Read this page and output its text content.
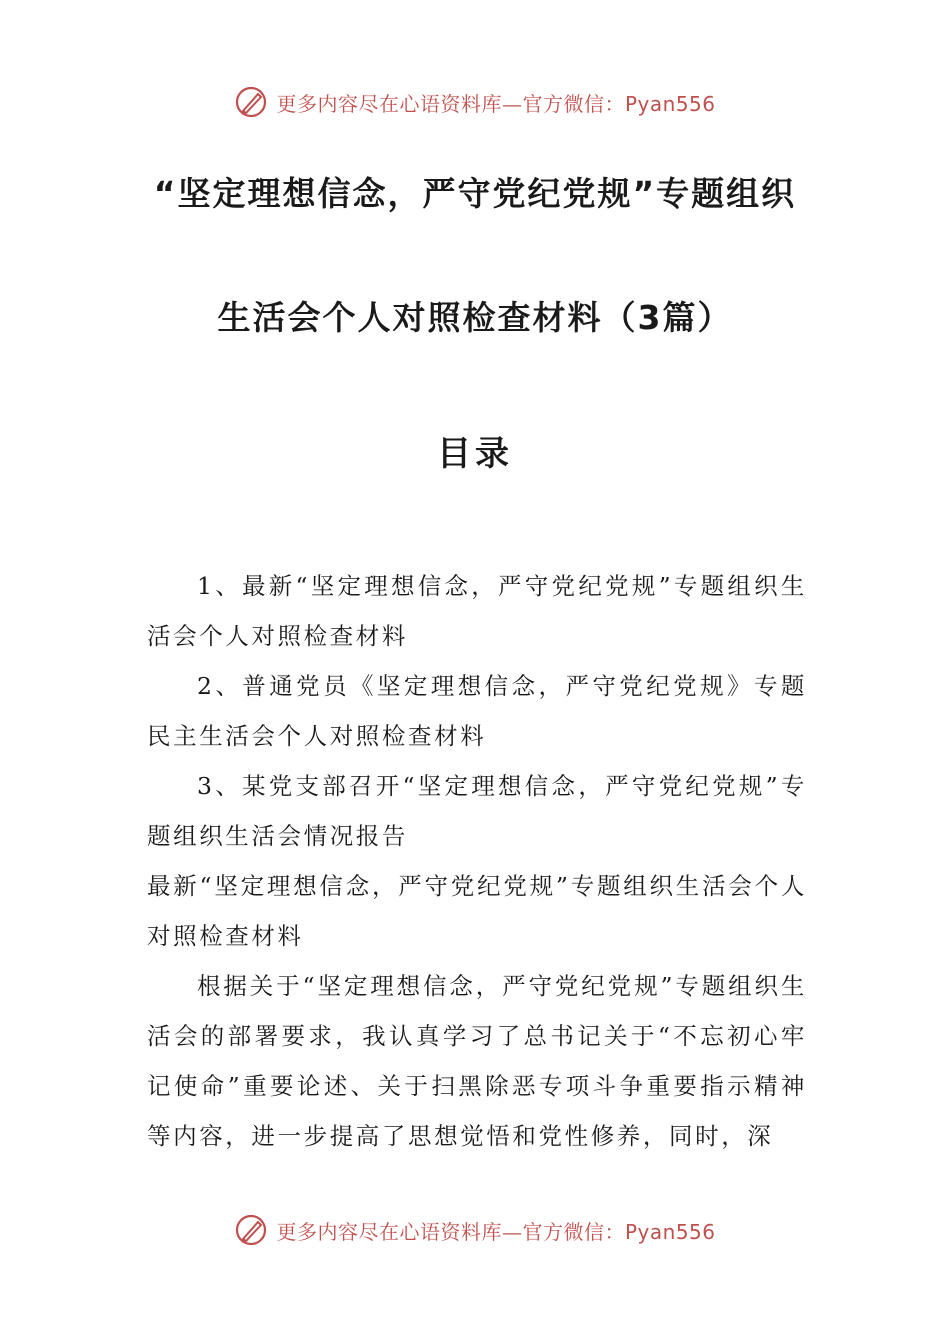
更多内容尽在心语资料库—官方微信：Pyan556
“坚定理想信念，严守党纪党规”专题组织
生活会个人对照检查材料（3篇）
目录

1、最新“坚定理想信念，严守党纪党规”专题组织生活会个人对照检查材料

2、普通党员《坚定理想信念，严守党纪党规》专题民主生活会个人对照检查材料

3、某党支部召开“坚定理想信念，严守党纪党规”专题组织生活会情况报告

最新“坚定理想信念，严守党纪党规”专题组织生活会个人对照检查材料

根据关于“坚定理想信念，严守党纪党规”专题组织生活会的部署要求，我认真学习了总书记关于“不忘初心牢记使命”重要论述、关于扫黑除恶专项斗争重要指示精神等内容，进一步提高了思想觉悟和党性修养，同时，深

更多内容尽在心语资料库—官方微信：Pyan556
